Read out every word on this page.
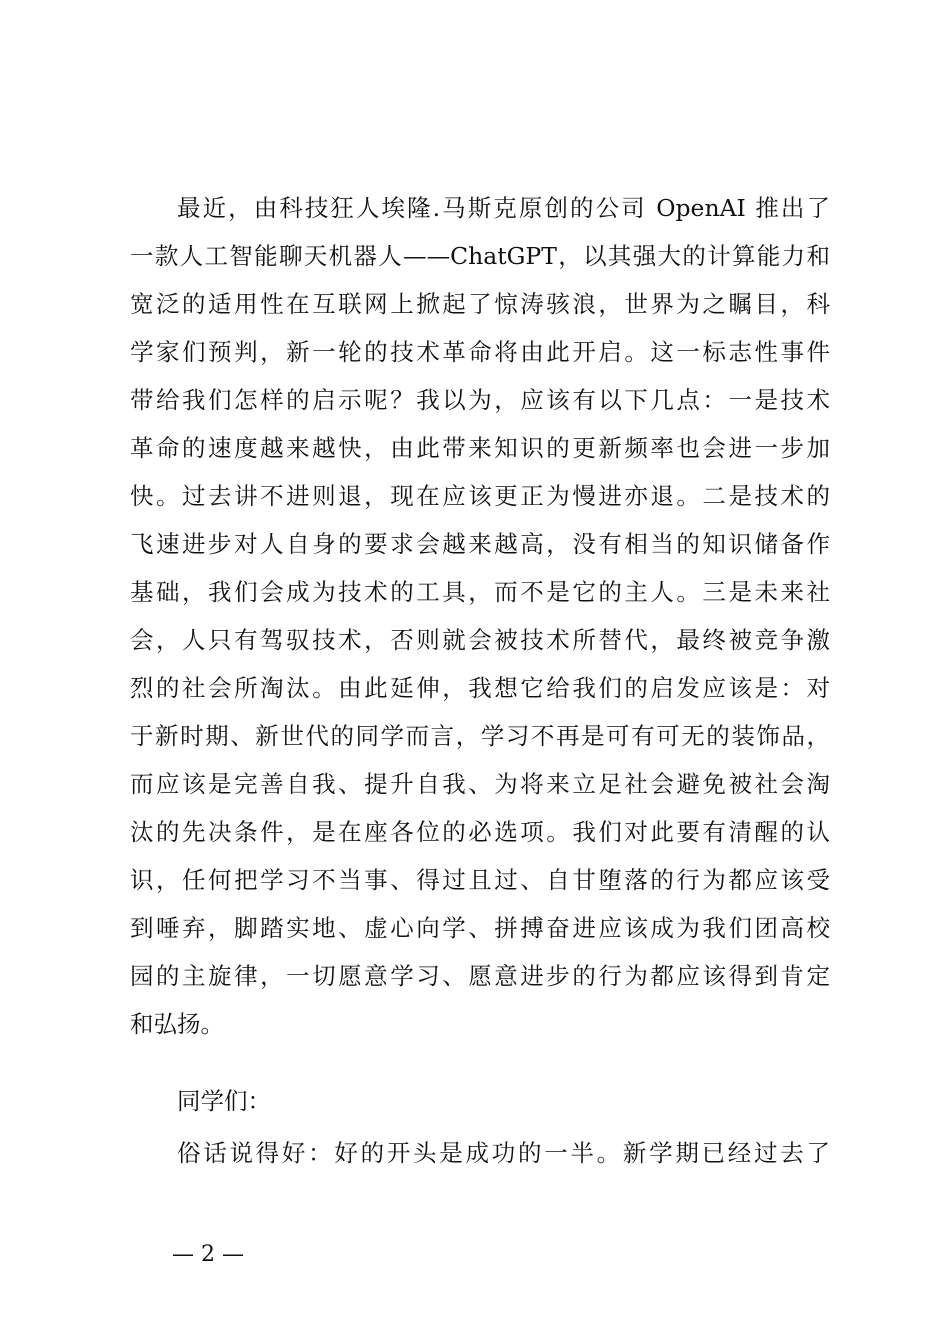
最近，由科技狂人埃隆.马斯克原创的公司 OpenAI 推出了
一款人工智能聊天机器人——ChatGPT，以其强大的计算能力和
宽泛的适用性在互联网上掀起了惊涛骇浪，世界为之瞩目，科
学家们预判，新一轮的技术革命将由此开启。这一标志性事件
带给我们怎样的启示呢？我以为，应该有以下几点：一是技术
革命的速度越来越快，由此带来知识的更新频率也会进一步加
快。过去讲不进则退，现在应该更正为慢进亦退。二是技术的
飞速进步对人自身的要求会越来越高，没有相当的知识储备作
基础，我们会成为技术的工具，而不是它的主人。三是未来社
会，人只有驾驭技术，否则就会被技术所替代，最终被竞争激
烈的社会所淘汰。由此延伸，我想它给我们的启发应该是：对
于新时期、新世代的同学而言，学习不再是可有可无的装饰品，
而应该是完善自我、提升自我、为将来立足社会避免被社会淘
汰的先决条件，是在座各位的必选项。我们对此要有清醒的认
识，任何把学习不当事、得过且过、自甘堕落的行为都应该受
到唾弃，脚踏实地、虚心向学、拼搏奋进应该成为我们团高校
园的主旋律，一切愿意学习、愿意进步的行为都应该得到肯定
和弘扬。
同学们：
俗话说得好：好的开头是成功的一半。新学期已经过去了
— 2 —
